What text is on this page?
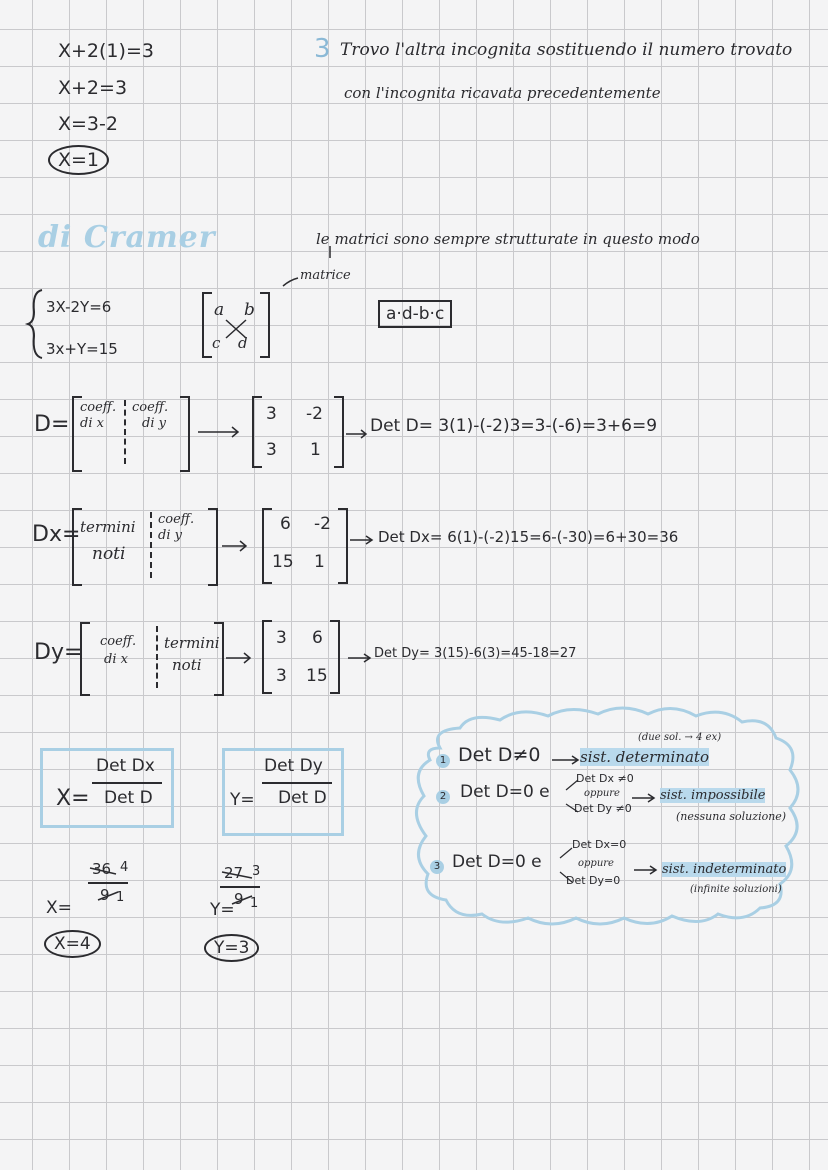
X+2(1)=3
X+2=3
X=3-2
X=1
3 Trovo l'altra incognita sostituendo il numero trovato
con l'incognita ricavata precedentemente
di Cramer	le matrici sono sempre strutturate in questo modo
matrice
3X-2Y=6
3x+Y=15
a b
c d
a·d-b·c
D=
coeff.
di x
coeff.
di y	3 -2
3 1
Det D= 3(1)-(-2)3=3-(-6)=3+6=9
Dx= termini
noti
coeff.
di y
6 -2
15 1
Det Dx= 6(1)-(-2)15=6-(-30)=6+30=36
Dy= coeff.
di x
termini
noti
3 6
3 15
Det Dy= 3(15)-6(3)=45-18=27
X=
Det Dx
Det D	Y=
Det Dy
Det D
X=
36 4
9 1
X=4
Y=
27 3
9 1
Y=3
1 Det D≠0	sist. determinato
(due sol. → 4 ex)
2 Det D=0 e
Det Dx ≠0
oppure
Det Dy ≠0
sist. impossibile
(nessuna soluzione)
3 Det D=0 e
Det Dx=0
oppure
Det Dy=0
sist. indeterminato
(infinite soluzioni)
